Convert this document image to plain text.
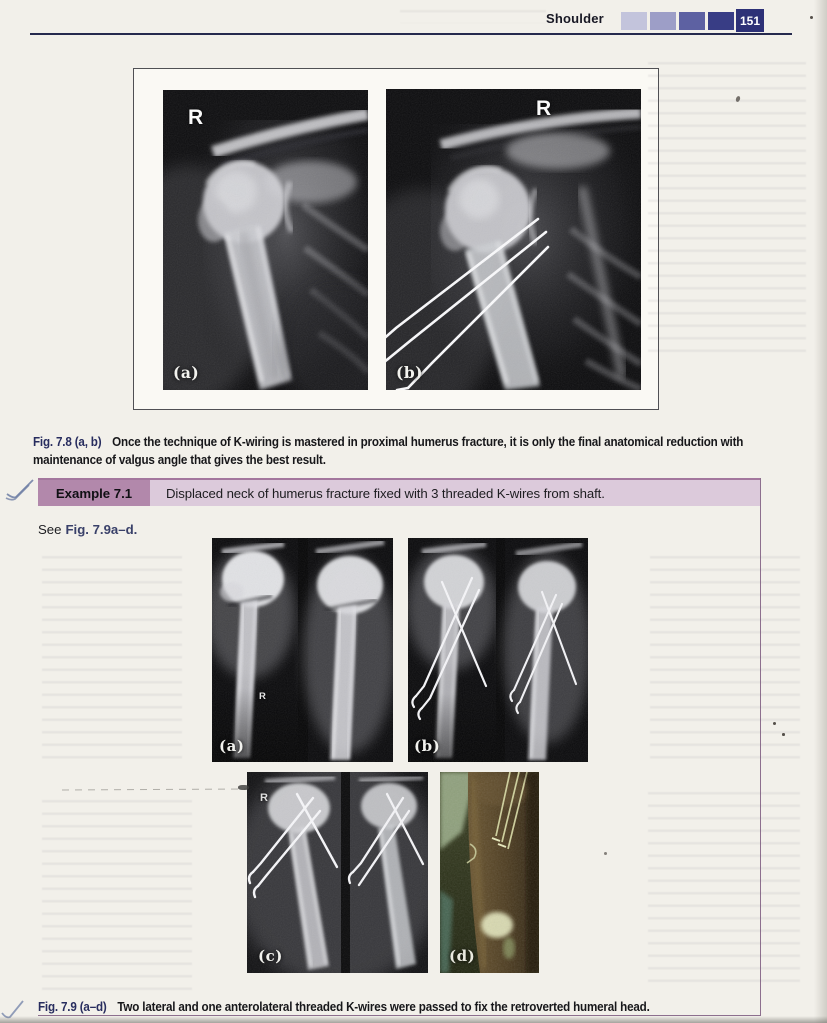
Shoulder	151
R
(a)
R
(b)

Fig. 7.8 (a, b) Once the technique of K-wiring is mastered in proximal humerus fracture, it is only the final anatomical reduction with maintenance of valgus angle that gives the best result.

Example 7.1	Displaced neck of humerus fracture fixed with 3 threaded K-wires from shaft.

See Fig. 7.9a–d.

R
(a)	(b)
R
(c)	(d)

Fig. 7.9 (a–d) Two lateral and one anterolateral threaded K-wires were passed to fix the retroverted humeral head.
